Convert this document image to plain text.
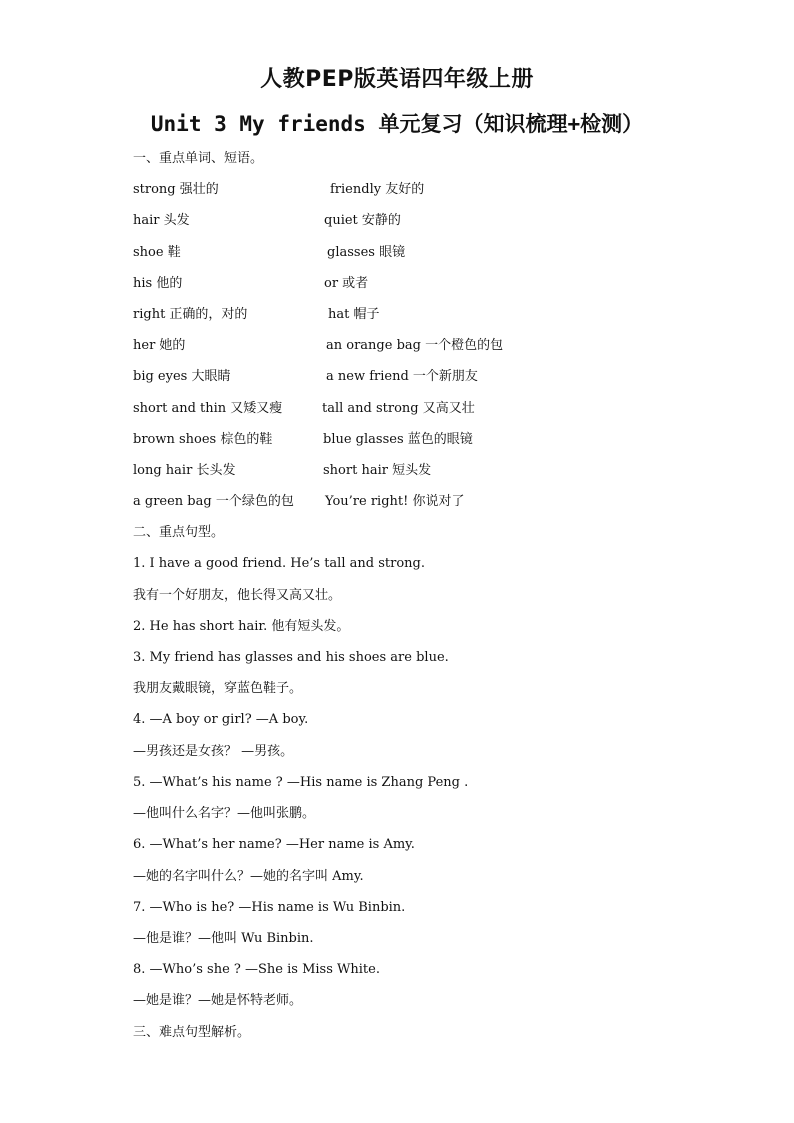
人教PEP版英语四年级上册
Unit 3 My friends 单元复习（知识梳理+检测）
一、重点单词、短语。
strong 强壮的	friendly 友好的
hair 头发	quiet 安静的
shoe 鞋	glasses 眼镜
his 他的	or 或者
right 正确的，对的	hat 帽子
her 她的	an orange bag 一个橙色的包
big eyes 大眼睛	a new friend 一个新朋友
short and thin 又矮又瘦	tall and strong 又高又壮
brown shoes 棕色的鞋	blue glasses 蓝色的眼镜
long hair 长头发	short hair 短头发
a green bag 一个绿色的包 You’re right! 你说对了
二、重点句型。
1. I have a good friend. He’s tall and strong.
我有一个好朋友，他长得又高又壮。
2. He has short hair. 他有短头发。
3. My friend has glasses and his shoes are blue.
我朋友戴眼镜，穿蓝色鞋子。
4. —A boy or girl? —A boy.
—男孩还是女孩？ —男孩。
5. —What’s his name ? —His name is Zhang Peng .
—他叫什么名字？—他叫张鹏。
6. —What’s her name? —Her name is Amy.
—她的名字叫什么？—她的名字叫 Amy.
7. —Who is he? —His name is Wu Binbin.
—他是谁？—他叫 Wu Binbin.
8. —Who’s she ? —She is Miss White.
—她是谁？—她是怀特老师。
三、难点句型解析。
